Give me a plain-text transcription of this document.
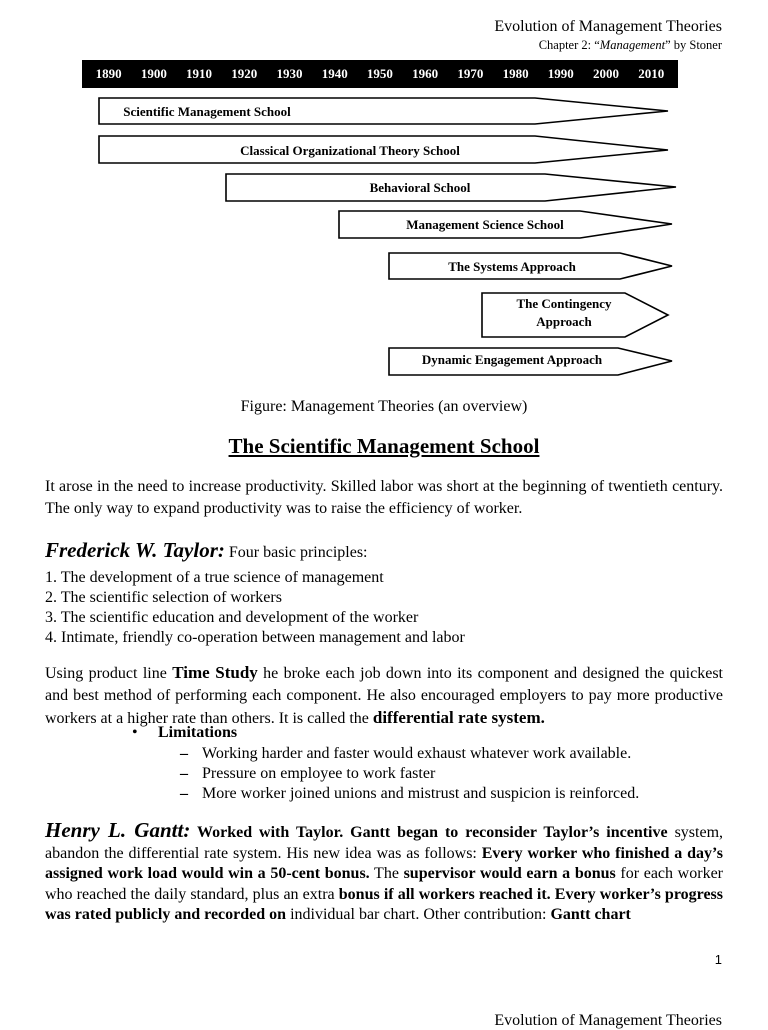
Evolution of Management Theories
Chapter 2: “Management” by Stoner
1890 1900 1910 1920 1930 1940 1950 1960 1970 1980 1990 2000 2010
Scientific Management School
Classical Organizational Theory School
Behavioral School
Management Science School
The Systems Approach
The Contingency
Approach
Dynamic Engagement Approach
Figure: Management Theories (an overview)
The Scientific Management School
It arose in the need to increase productivity. Skilled labor was short at the beginning of twentieth century. The only way to expand productivity was to raise the efficiency of worker.
Frederick W. Taylor: Four basic principles:
1. The development of a true science of management
2. The scientific selection of workers
3. The scientific education and development of the worker
4. Intimate, friendly co-operation between management and labor
Using product line Time Study he broke each job down into its component and designed the quickest and best method of performing each component. He also encouraged employers to pay more productive workers at a higher rate than others. It is called the differential rate system.
• Limitations
– Working harder and faster would exhaust whatever work available.
– Pressure on employee to work faster
– More worker joined unions and mistrust and suspicion is reinforced.
Henry L. Gantt: Worked with Taylor. Gantt began to reconsider Taylor’s incentive system, abandon the differential rate system. His new idea was as follows: Every worker who finished a day’s assigned work load would win a 50-cent bonus. The supervisor would earn a bonus for each worker who reached the daily standard, plus an extra bonus if all workers reached it. Every worker’s progress was rated publicly and recorded on individual bar chart. Other contribution: Gantt chart
1
Evolution of Management Theories
